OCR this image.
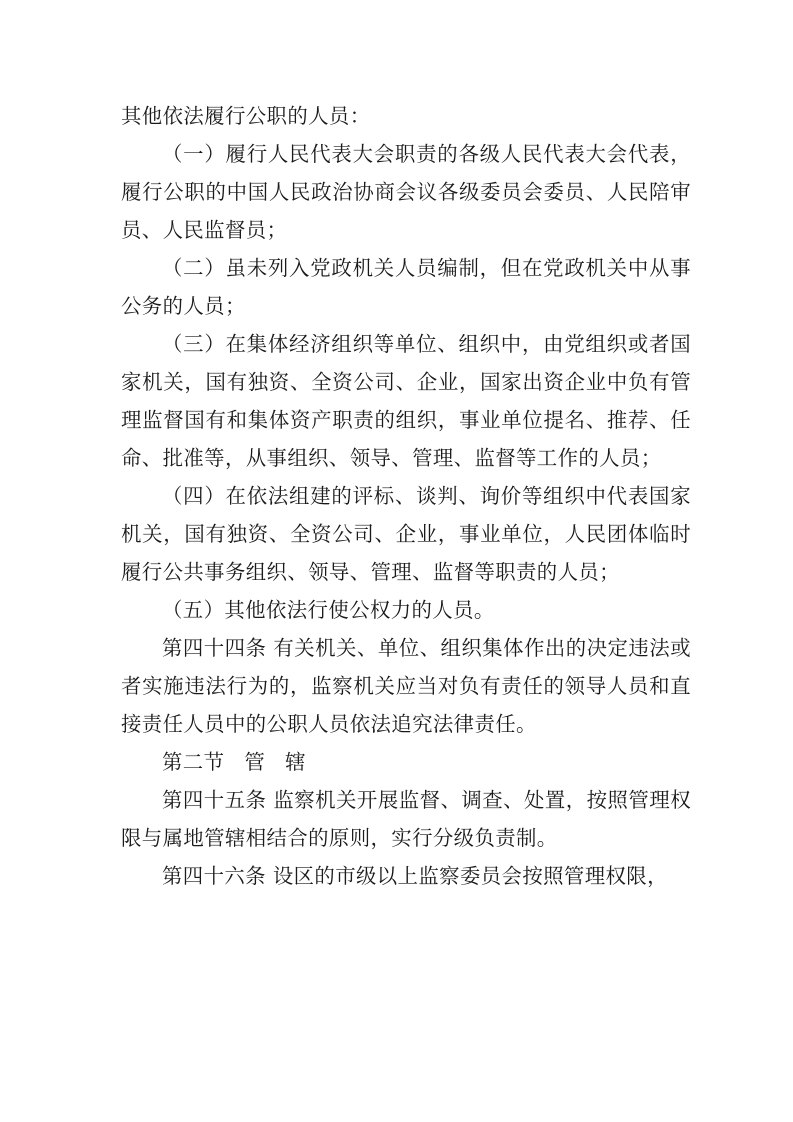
其他依法履行公职的人员：

（一）履行人民代表大会职责的各级人民代表大会代表，履行公职的中国人民政治协商会议各级委员会委员、人民陪审员、人民监督员；

（二）虽未列入党政机关人员编制，但在党政机关中从事公务的人员；

（三）在集体经济组织等单位、组织中，由党组织或者国家机关，国有独资、全资公司、企业，国家出资企业中负有管理监督国有和集体资产职责的组织，事业单位提名、推荐、任命、批准等，从事组织、领导、管理、监督等工作的人员；

（四）在依法组建的评标、谈判、询价等组织中代表国家机关，国有独资、全资公司、企业，事业单位，人民团体临时履行公共事务组织、领导、管理、监督等职责的人员；

（五）其他依法行使公权力的人员。

第四十四条 有关机关、单位、组织集体作出的决定违法或者实施违法行为的，监察机关应当对负有责任的领导人员和直接责任人员中的公职人员依法追究法律责任。

第二节 管 辖

第四十五条 监察机关开展监督、调查、处置，按照管理权限与属地管辖相结合的原则，实行分级负责制。

第四十六条 设区的市级以上监察委员会按照管理权限，
